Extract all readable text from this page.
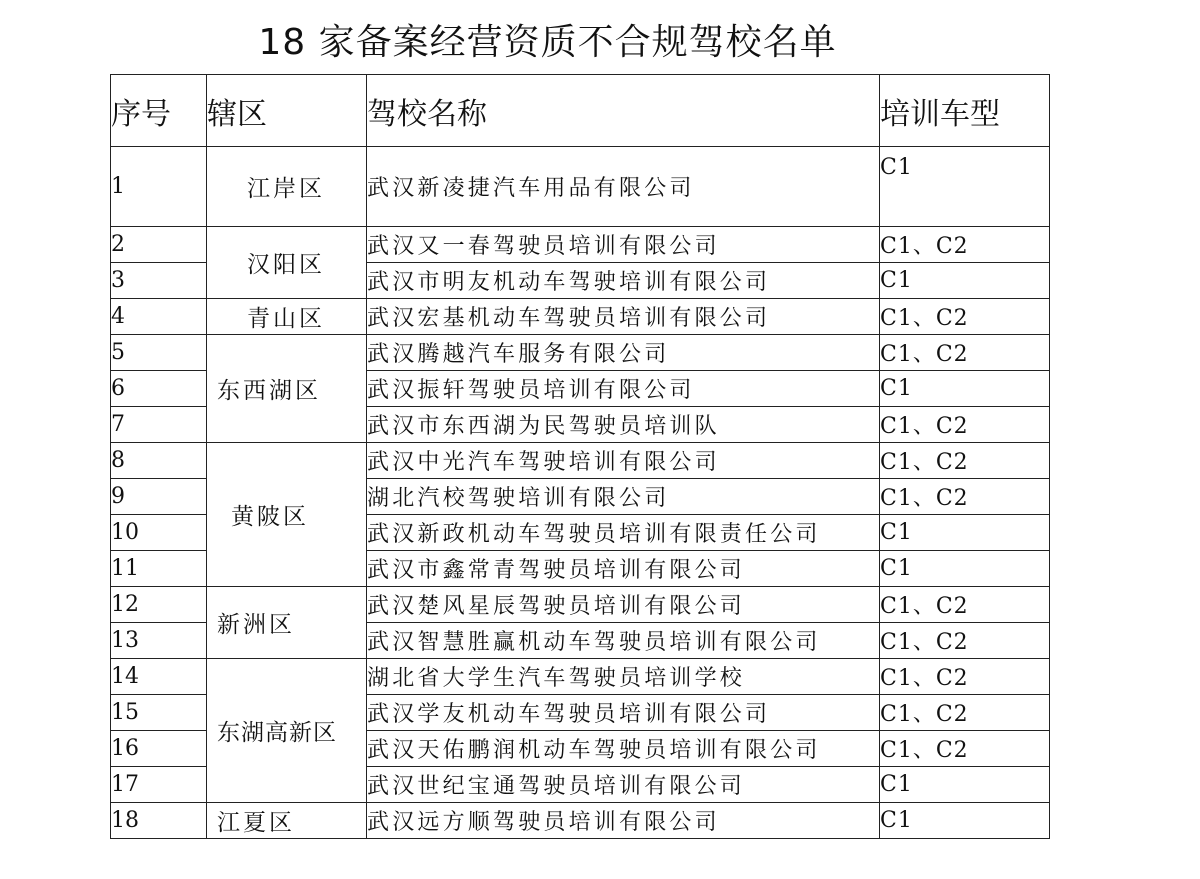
18 家备案经营资质不合规驾校名单
序号	辖区	驾校名称	培训车型
1	江岸区	武汉新凌捷汽车用品有限公司	C1
2	汉阳区	武汉又一春驾驶员培训有限公司	C1、C2
3		武汉市明友机动车驾驶培训有限公司	C1
4	青山区	武汉宏基机动车驾驶员培训有限公司	C1、C2
5	东西湖区	武汉腾越汽车服务有限公司	C1、C2
6		武汉振轩驾驶员培训有限公司	C1
7		武汉市东西湖为民驾驶员培训队	C1、C2
8	黄陂区	武汉中光汽车驾驶培训有限公司	C1、C2
9		湖北汽校驾驶培训有限公司	C1、C2
10		武汉新政机动车驾驶员培训有限责任公司	C1
11		武汉市鑫常青驾驶员培训有限公司	C1
12	新洲区	武汉楚风星辰驾驶员培训有限公司	C1、C2
13		武汉智慧胜赢机动车驾驶员培训有限公司	C1、C2
14	东湖高新区	湖北省大学生汽车驾驶员培训学校	C1、C2
15		武汉学友机动车驾驶员培训有限公司	C1、C2
16		武汉天佑鹏润机动车驾驶员培训有限公司	C1、C2
17		武汉世纪宝通驾驶员培训有限公司	C1
18	江夏区	武汉远方顺驾驶员培训有限公司	C1
